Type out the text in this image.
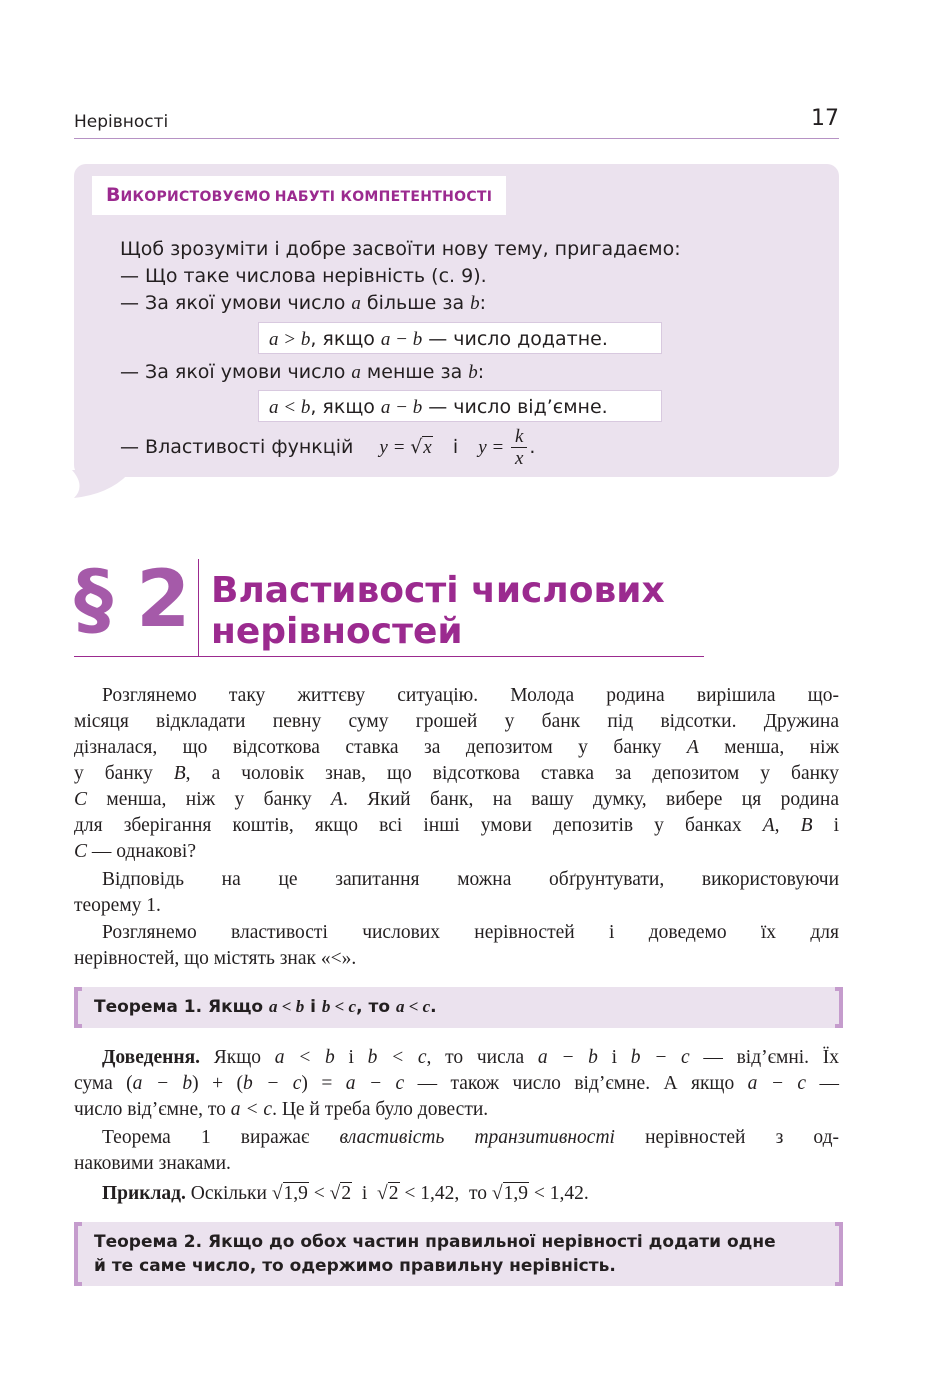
Нерівності	17
ВИКОРИСТОВУЄМО НАБУТІ КОМПЕТЕНТНОСТІ
Щоб зрозуміти і добре засвоїти нову тему, пригадаємо:
— Що таке числова нерівність (с. 9).
— За якої умови число a більше за b:
a > b, якщо a − b — число додатне.
— За якої умови число a менше за b:
a < b, якщо a − b — число від’ємне.
— Властивості функцій y = √x і $y = \frac{k}{x}$ .
§ 2 Властивості числових
нерівностей
Розглянемо таку життєву ситуацію. Молода родина вирішила що-
місяця відкладати певну суму грошей у банк під відсотки. Дружина
дізналася, що відсоткова ставка за депозитом у банку A менша, ніж
у банку B, а чоловік знав, що відсоткова ставка за депозитом у банку
C менша, ніж у банку A. Який банк, на вашу думку, вибере ця родина
для зберігання коштів, якщо всі інші умови депозитів у банках A, B і
C — однакові?
Відповідь на це запитання можна обґрунтувати, використовуючи
теорему 1.
Розглянемо властивості числових нерівностей і доведемо їх для
нерівностей, що містять знак «<».
Теорема 1. Якщо a < b і b < c, то a < c.
Доведення. Якщо a < b і b < c, то числа a − b і b − c — від’ємні. Їх
сума (a − b) + (b − c) = a − c — також число від’ємне. А якщо a − c —
число від’ємне, то a < c. Це й треба було довести.
Теорема 1 виражає властивість транзитивності нерівностей з од-
наковими знаками.
Приклад. Оскільки √1,9 < √2  і  √2 < 1,42,  то √1,9 < 1,42.
Теорема 2. Якщо до обох частин правильної нерівності додати одне
й те саме число, то одержимо правильну нерівність.
